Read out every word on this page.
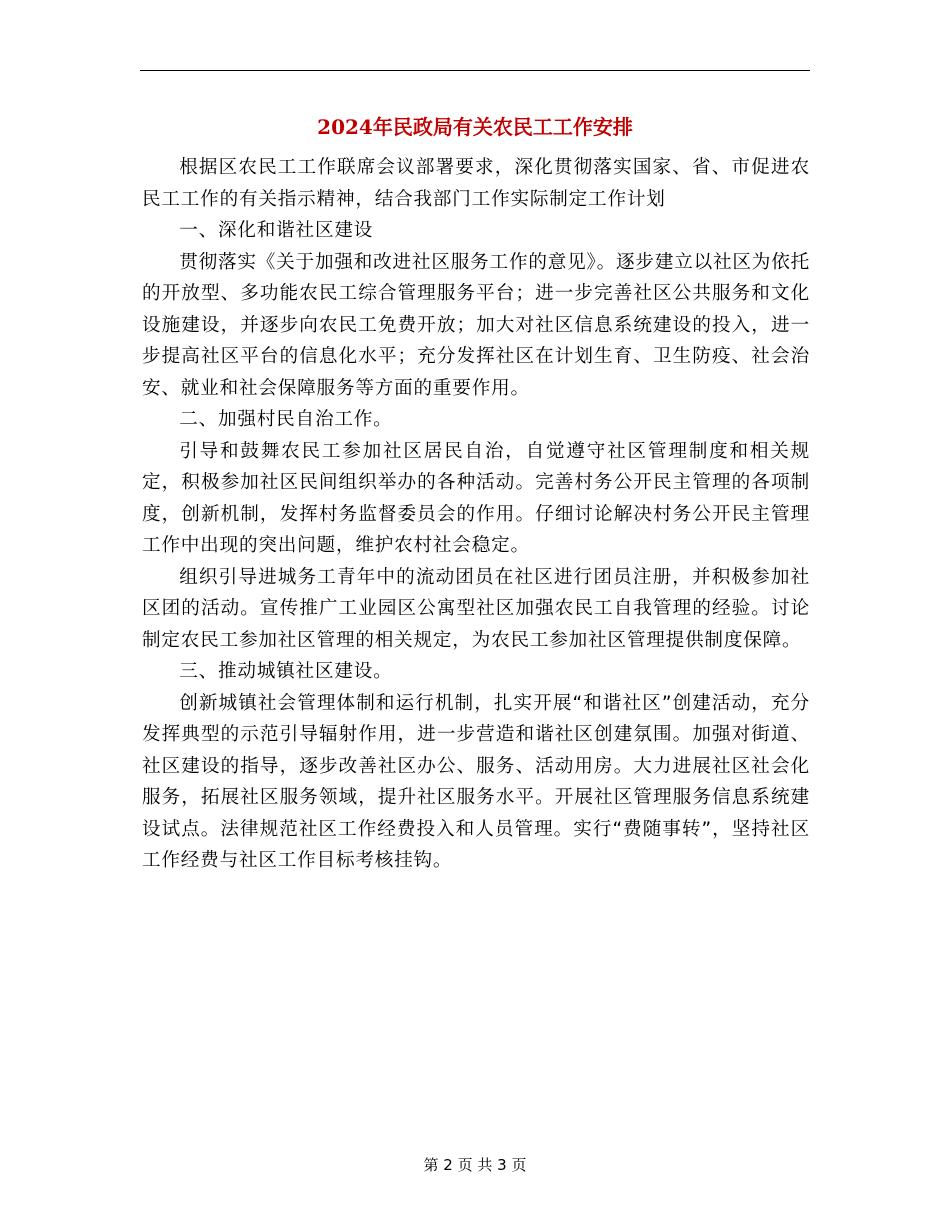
2024年民政局有关农民工工作安排

根据区农民工工作联席会议部署要求，深化贯彻落实国家、省、市促进农民工工作的有关指示精神，结合我部门工作实际制定工作计划

一、深化和谐社区建设

贯彻落实《关于加强和改进社区服务工作的意见》。逐步建立以社区为依托的开放型、多功能农民工综合管理服务平台；进一步完善社区公共服务和文化设施建设，并逐步向农民工免费开放；加大对社区信息系统建设的投入，进一步提高社区平台的信息化水平；充分发挥社区在计划生育、卫生防疫、社会治安、就业和社会保障服务等方面的重要作用。

二、加强村民自治工作。

引导和鼓舞农民工参加社区居民自治，自觉遵守社区管理制度和相关规定，积极参加社区民间组织举办的各种活动。完善村务公开民主管理的各项制度，创新机制，发挥村务监督委员会的作用。仔细讨论解决村务公开民主管理工作中出现的突出问题，维护农村社会稳定。

组织引导进城务工青年中的流动团员在社区进行团员注册，并积极参加社区团的活动。宣传推广工业园区公寓型社区加强农民工自我管理的经验。讨论制定农民工参加社区管理的相关规定，为农民工参加社区管理提供制度保障。

三、推动城镇社区建设。

创新城镇社会管理体制和运行机制，扎实开展“和谐社区”创建活动，充分发挥典型的示范引导辐射作用，进一步营造和谐社区创建氛围。加强对街道、社区建设的指导，逐步改善社区办公、服务、活动用房。大力进展社区社会化服务，拓展社区服务领域，提升社区服务水平。开展社区管理服务信息系统建设试点。法律规范社区工作经费投入和人员管理。实行“费随事转”，坚持社区工作经费与社区工作目标考核挂钩。

第 2 页 共 3 页
